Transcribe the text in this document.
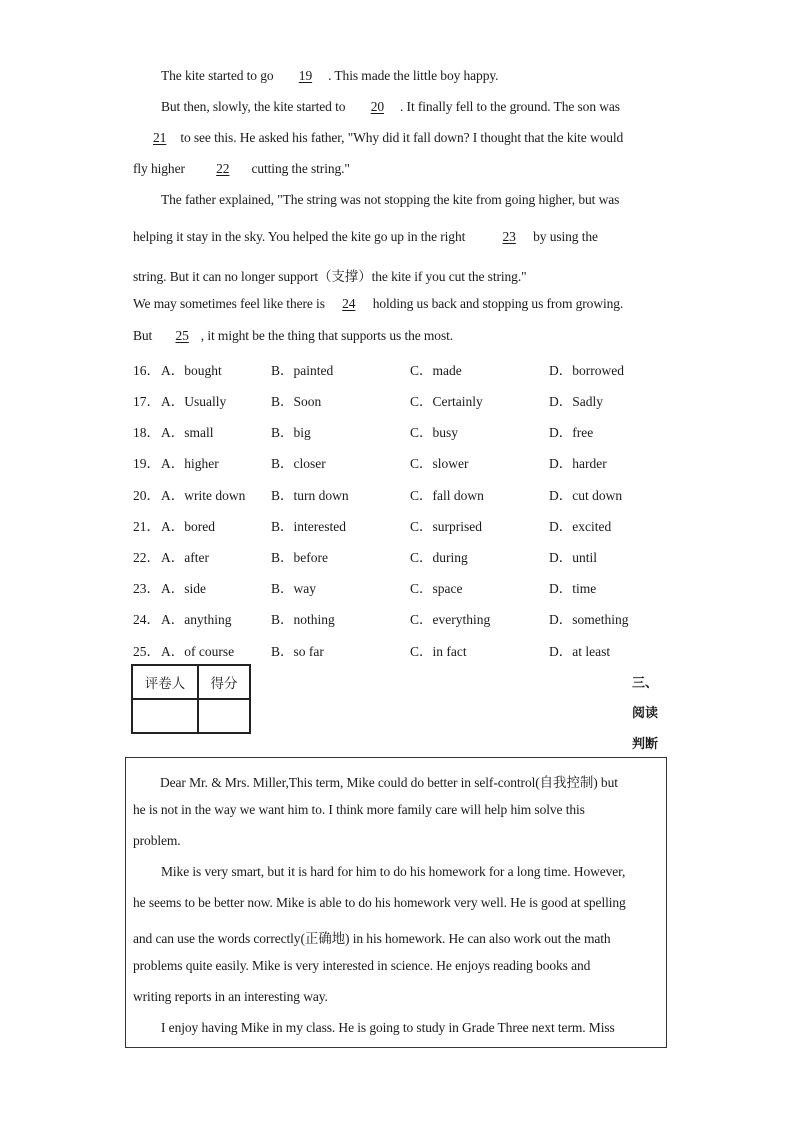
The kite started to go 19 . This made the little boy happy.
But then, slowly, the kite started to 20 . It finally fell to the ground. The son was
21 to see this. He asked his father, "Why did it fall down? I thought that the kite would
fly higher 22 cutting the string."
The father explained, "The string was not stopping the kite from going higher, but was
helping it stay in the sky. You helped the kite go up in the right	23 by using the
string. But it can no longer support（支撑）the kite if you cut the string."
We may sometimes feel like there is 24 holding us back and stopping us from growing.
But 25 , it might be the thing that supports us the most.
16． A．bought	B．painted	C．made	D．borrowed
17． A．Usually	B．Soon	C．Certainly	D．Sadly
18． A．small	B．big	C．busy	D．free
19． A．higher	B．closer	C．slower	D．harder
20． A．write down B．turn down	C．fall down	D．cut down
21． A．bored	B．interested	C．surprised	D．excited
22． A．after	B．before	C．during	D．until
23． A．side	B．way	C．space	D．time
24． A．anything	B．nothing	C．everything	D．something
25． A．of course	B．so far	C．in fact	D．at least
评卷人	得分
		三、
阅读
判断
Dear Mr. & Mrs. Miller,This term, Mike could do better in self-control(自我控制) but
he is not in the way we want him to. I think more family care will help him solve this
problem.
Mike is very smart, but it is hard for him to do his homework for a long time. However,
he seems to be better now. Mike is able to do his homework very well. He is good at spelling
and can use the words correctly(正确地) in his homework. He can also work out the math
problems quite easily. Mike is very interested in science. He enjoys reading books and
writing reports in an interesting way.
I enjoy having Mike in my class. He is going to study in Grade Three next term. Miss
